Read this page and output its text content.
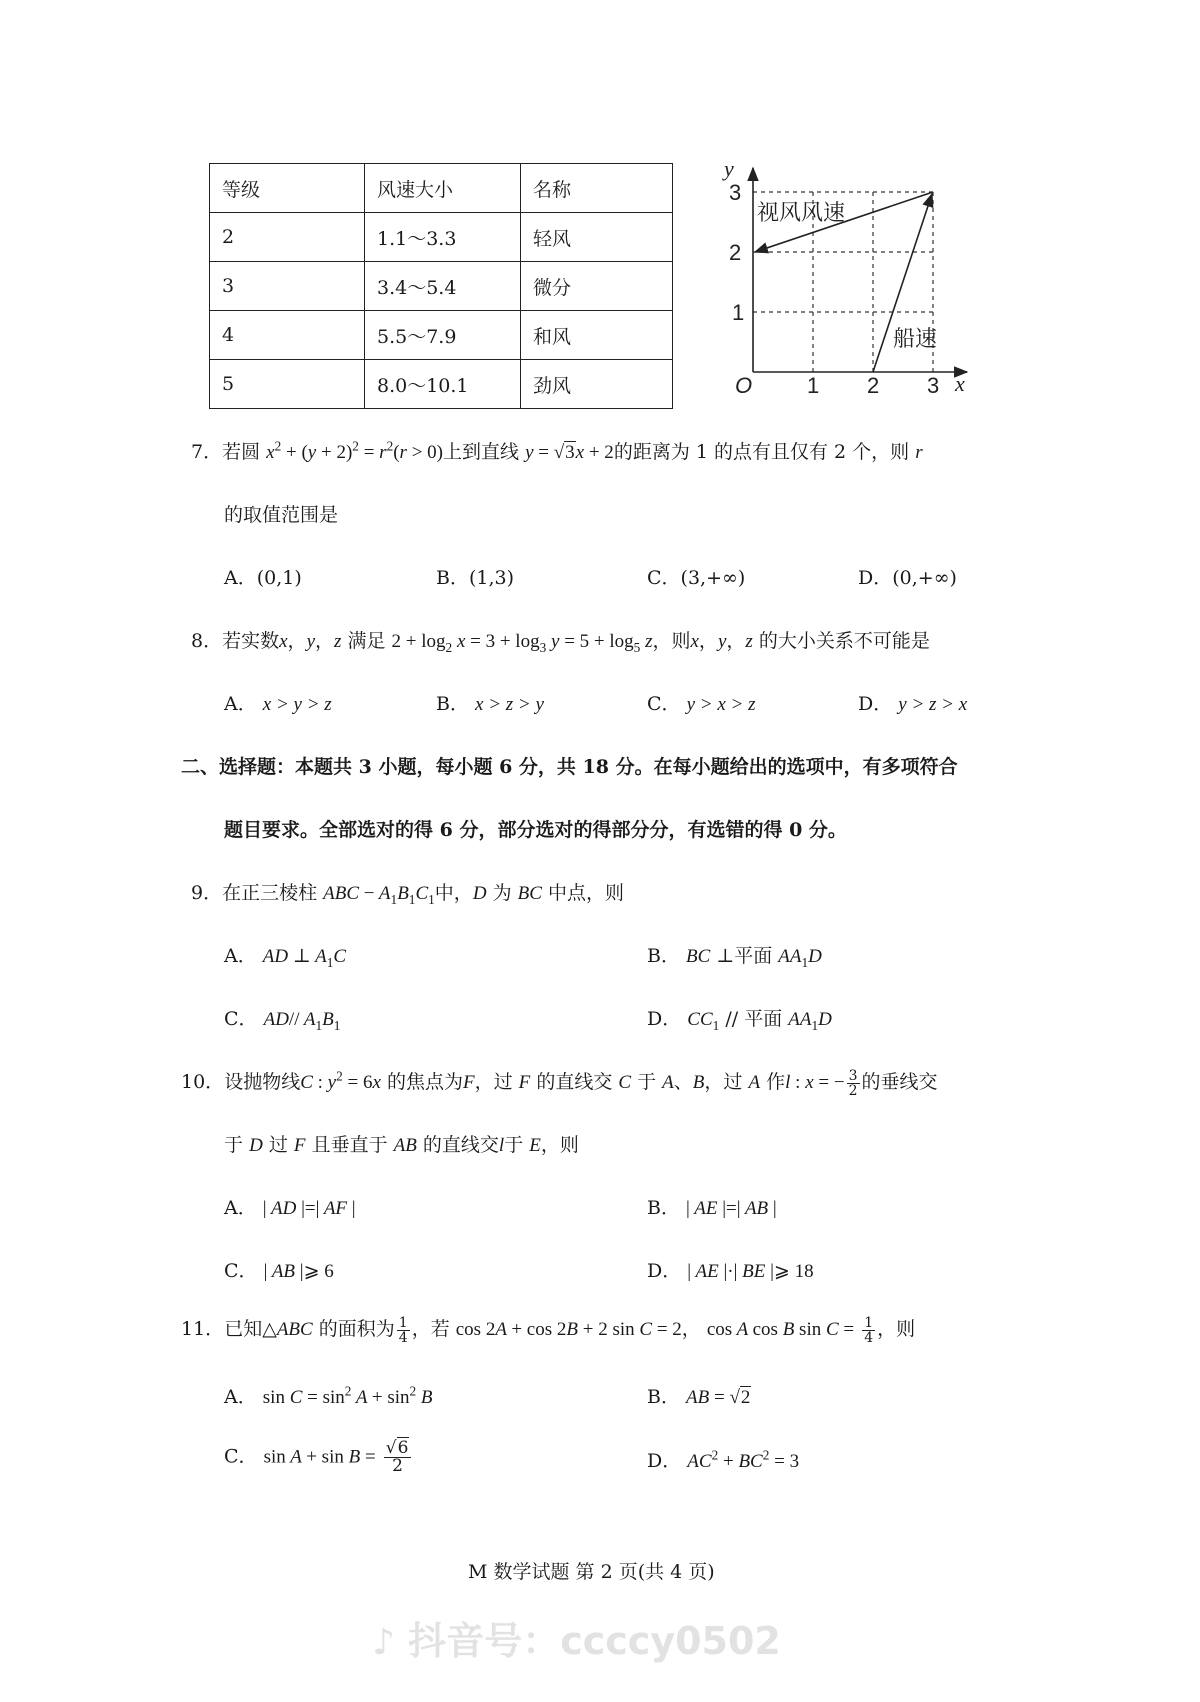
等级	风速大小	名称
2	1.1～3.3	轻风
3	3.4～5.4	微分
4	5.5～7.9	和风
5	8.0～10.1	劲风
y
x
O 1 2 3
1
2
3
视风风速
船速
7．若圆 $x^2 + (y + 2)^2 = r^2(r > 0)$上到直线 y = √3x + 2的距离为 1 的点有且仅有 2 个，则 r
的取值范围是
A．(0,1)	B．(1,3)	C．(3,+∞)	D．(0,+∞)
8．若实数x，y，z 满足 $2 + \log_2 x = 3 + \log_3 y = 5 + \log_5 z$，则x，y，z 的大小关系不可能是
A． x > y > z	B． x > z > y	C． y > x > z	D． y > z > x
二、选择题：本题共 3 小题，每小题 6 分，共 18 分。在每小题给出的选项中，有多项符合
题目要求。全部选对的得 6 分，部分选对的得部分分，有选错的得 0 分。
9．在正三棱柱 ABC − $A_1B_1C_1$中，D 为 BC 中点，则
A． AD ⊥ $A_1C$	B． BC ⊥平面 $AA_1D$
C． AD// $A_1B_1$	D． $CC_1$ // 平面 $AA_1D$
10．设抛物线C : $y^2 = 6x$ 的焦点为F，过 F 的直线交 C 于 A、B，过 A 作l : x = − $\frac{3}{2}$ 的垂线交
于 D 过 F 且垂直于 AB 的直线交l于 E，则
A． | AD |=| AF |	B． | AE |=| AB |
C． | AB |⩾ 6	D． | AE |·| BE |⩾ 18
11．已知△ABC 的面积为 $\frac{1}{4}$ ，若 cos 2A + cos 2B + 2 sin C = 2， cos A cos B $\sin C = \frac{1}{4}$ ，则
A． $\sin C = \sin^2 A + \sin^2 B$	B． AB = √2
C． $\sin A + \sin B = \frac{√6}{2}$	D． $AC^2 + BC^2 = 3$
M 数学试题 第 2 页(共 4 页)
♪ 抖音号：ccccy0502
